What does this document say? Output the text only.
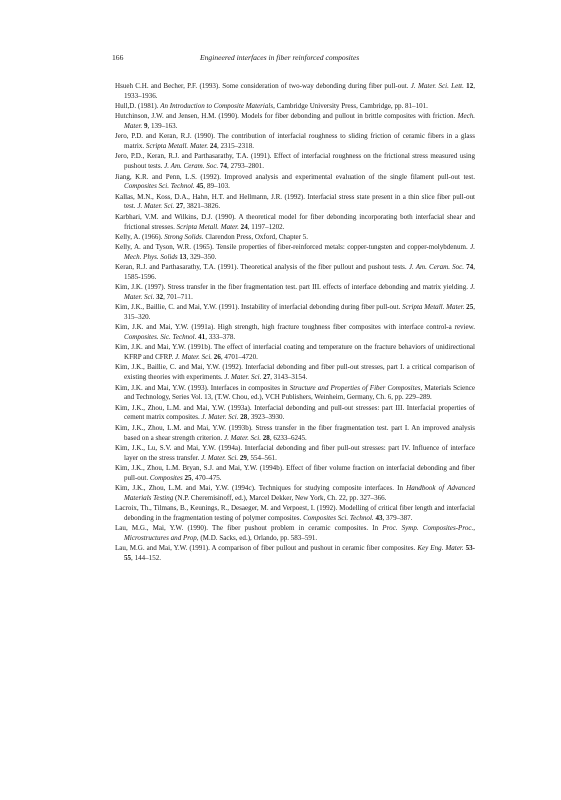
166	Engineered interfaces in fiber reinforced composites
Hsueh C.H. and Becher, P.F. (1993). Some consideration of two-way debonding during fiber pull-out. J. Mater. Sci. Lett. 12, 1933–1936.
Hull,D. (1981). An Introduction to Composite Materials, Cambridge University Press, Cambridge, pp. 81–101.
Hutchinson, J.W. and Jensen, H.M. (1990). Models for fiber debonding and pullout in brittle composites with friction. Mech. Mater. 9, 139–163.
Jero, P.D. and Keran, R.J. (1990). The contribution of interfacial roughness to sliding friction of ceramic fibers in a glass matrix. Scripta Metall. Mater. 24, 2315–2318.
Jero, P.D., Keran, R.J. and Parthasarathy, T.A. (1991). Effect of interfacial roughness on the frictional stress measured using pushout tests. J. Am. Ceram. Soc. 74, 2793–2801.
Jiang, K.R. and Penn, L.S. (1992). Improved analysis and experimental evaluation of the single filament pull-out test. Composites Sci. Technol. 45, 89–103.
Kallas, M.N., Koss, D.A., Hahn, H.T. and Hellmann, J.R. (1992). Interfacial stress state present in a thin slice fiber pull-out test. J. Mater. Sci. 27, 3821–3826.
Karbhari, V.M. and Wilkins, D.J. (1990). A theoretical model for fiber debonding incorporating both interfacial shear and frictional stresses. Scripta Metall. Mater. 24, 1197–1202.
Kelly, A. (1966). Strong Solids. Clarendon Press, Oxford, Chapter 5.
Kelly, A. and Tyson, W.R. (1965). Tensile properties of fiber-reinforced metals: copper-tungsten and copper-molybdenum. J. Mech. Phys. Solids 13, 329–350.
Keran, R.J. and Parthasarathy, T.A. (1991). Theoretical analysis of the fiber pullout and pushout tests. J. Am. Ceram. Soc. 74, 1585-1596.
Kim, J.K. (1997). Stress transfer in the fiber fragmentation test. part III. effects of interface debonding and matrix yielding. J. Mater. Sci. 32, 701–711.
Kim, J.K., Baillie, C. and Mai, Y.W. (1991). Instability of interfacial debonding during fiber pull-out. Scripta Metall. Mater. 25, 315–320.
Kim, J.K. and Mai, Y.W. (1991a). High strength, high fracture toughness fiber composites with interface control-a review. Composites. Sic. Technol. 41, 333–378.
Kim, J.K. and Mai, Y.W. (1991b). The effect of interfacial coating and temperature on the fracture behaviors of unidirectional KFRP and CFRP. J. Mater. Sci. 26, 4701–4720.
Kim, J.K., Baillie, C. and Mai, Y.W. (1992). Interfacial debonding and fiber pull-out stresses, part I. a critical comparison of existing theories with experiments. J. Mater. Sci. 27, 3143–3154.
Kim, J.K. and Mai, Y.W. (1993). Interfaces in composites in Structure and Properties of Fiber Composites, Materials Science and Technology, Series Vol. 13, (T.W. Chou, ed.), VCH Publishers, Weinheim, Germany, Ch. 6, pp. 229–289.
Kim, J.K., Zhou, L.M. and Mai, Y.W. (1993a). Interfacial debonding and pull-out stresses: part III. Interfacial properties of cement matrix composites. J. Mater. Sci. 28, 3923–3930.
Kim, J.K., Zhou, L.M. and Mai, Y.W. (1993b). Stress transfer in the fiber fragmentation test. part I. An improved analysis based on a shear strength criterion. J. Mater. Sci. 28, 6233–6245.
Kim, J.K., Lu, S.V. and Mai, Y.W. (1994a). Interfacial debonding and fiber pull-out stresses: part IV. Influence of interface layer on the stress transfer. J. Mater. Sci. 29, 554–561.
Kim, J.K., Zhou, L.M. Bryan, S.J. and Mai, Y.W. (1994b). Effect of fiber volume fraction on interfacial debonding and fiber pull-out. Composites 25, 470–475.
Kim, J.K., Zhou, L.M. and Mai, Y.W. (1994c). Techniques for studying composite interfaces. In Handbook of Advanced Materials Testing (N.P. Cheremisinoff, ed.), Marcel Dekker, New York, Ch. 22, pp. 327–366.
Lacroix, Th., Tilmans, B., Keunings, R., Desaeger, M. and Verpoest, I. (1992). Modelling of critical fiber length and interfacial debonding in the fragmentation testing of polymer composites. Composites Sci. Technol. 43, 379–387.
Lau, M.G., Mai, Y.W. (1990). The fiber pushout problem in ceramic composites. In Proc. Symp. Composites-Proc., Microstructures and Prop, (M.D. Sacks, ed.), Orlando, pp. 583–591.
Lau, M.G. and Mai, Y.W. (1991). A comparison of fiber pullout and pushout in ceramic fiber composites. Key Eng. Mater. 53-55, 144–152.
